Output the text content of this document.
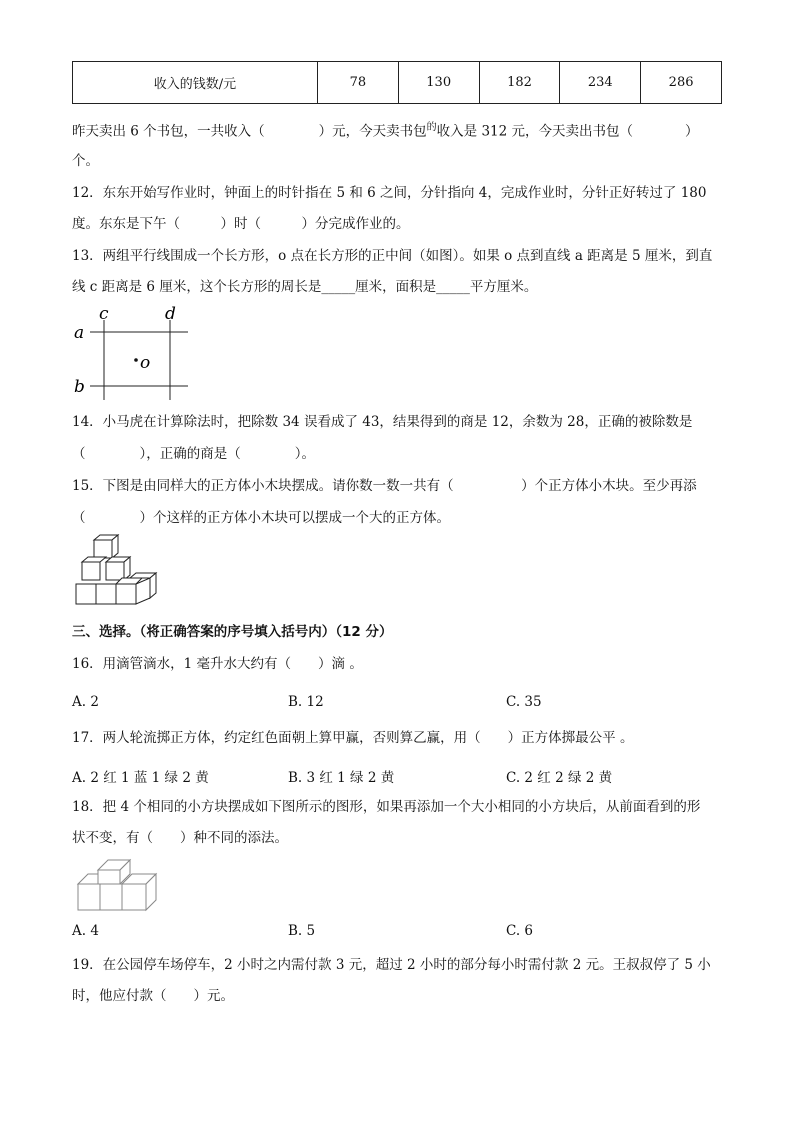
收入的钱数/元	78	130	182	234	286
昨天卖出 6 个书包，一共收入（	）元，今天卖书包$^的$收入是 312 元，今天卖出书包（	）
个。
12．东东开始写作业时，钟面上的时针指在 5 和 6 之间，分针指向 4，完成作业时，分针正好转过了 180
度。东东是下午（　　　）时（　　　）分完成作业的。
13．两组平行线围成一个长方形，o 点在长方形的正中间（如图）。如果 o 点到直线 a 距离是 5 厘米，到直
线 c 距离是 6 厘米，这个长方形的周长是_____厘米，面积是_____平方厘米。
a
b
c	d
o
14．小马虎在计算除法时，把除数 34 误看成了 43，结果得到的商是 12，余数为 28，正确的被除数是
（　　　　），正确的商是（　　　　）。
15．下图是由同样大的正方体小木块摆成。请你数一数一共有（　　　　　）个正方体小木块。至少再添
（　　　　）个这样的正方体小木块可以摆成一个大的正方体。
三、选择。（将正确答案的序号填入括号内）（12 分）
16．用滴管滴水，1 毫升水大约有（　　）滴 。
A. 2	B. 12	C. 35
17．两人轮流掷正方体，约定红色面朝上算甲赢，否则算乙赢，用（　　）正方体掷最公平 。
A. 2 红 1 蓝 1 绿 2 黄	B. 3 红 1 绿 2 黄	C. 2 红 2 绿 2 黄
18．把 4 个相同的小方块摆成如下图所示的图形，如果再添加一个大小相同的小方块后，从前面看到的形
状不变，有（　　）种不同的添法。
A. 4	B. 5	C. 6
19．在公园停车场停车，2 小时之内需付款 3 元，超过 2 小时的部分每小时需付款 2 元。王叔叔停了 5 小
时，他应付款（　　）元。
